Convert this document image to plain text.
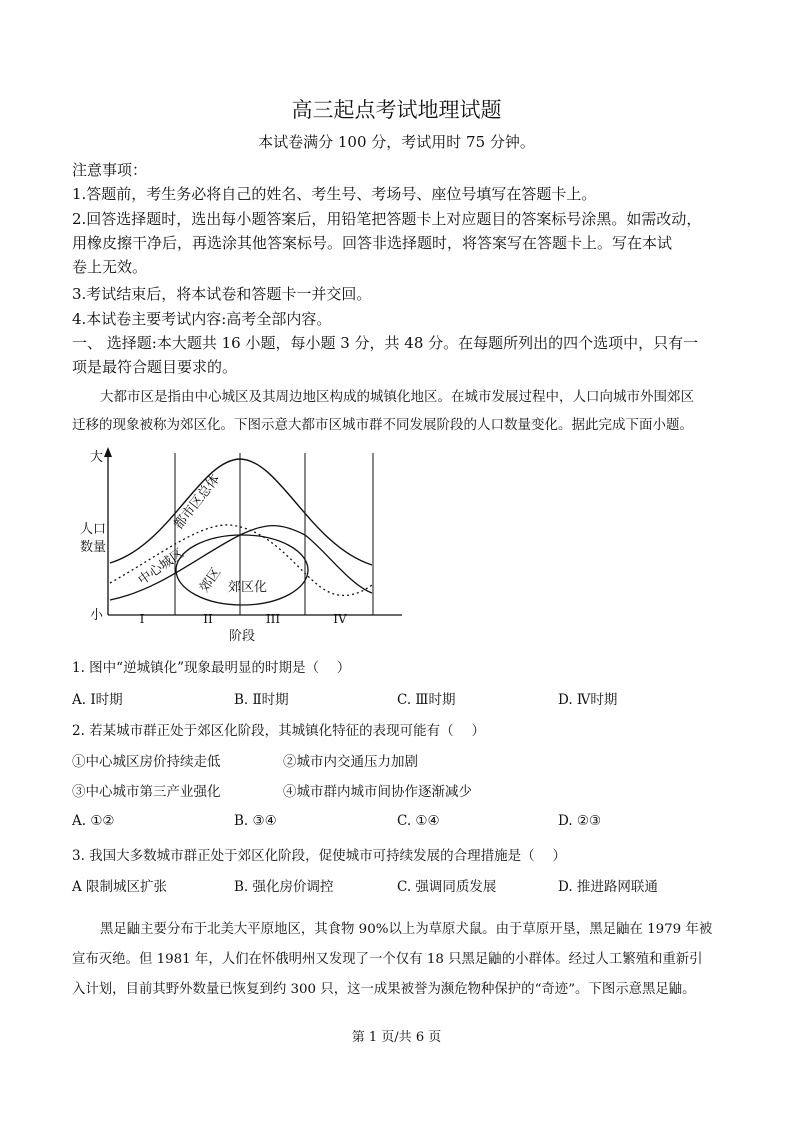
高三起点考试地理试题
本试卷满分 100 分，考试用时 75 分钟。
注意事项：
1.答题前，考生务必将自己的姓名、考生号、考场号、座位号填写在答题卡上。
2.回答选择题时，选出每小题答案后，用铅笔把答题卡上对应题目的答案标号涂黑。如需改动，
用橡皮擦干净后，再选涂其他答案标号。回答非选择题时，将答案写在答题卡上。写在本试
卷上无效。
3.考试结束后，将本试卷和答题卡一并交回。
4.本试卷主要考试内容:高考全部内容。
一、 选择题:本大题共 16 小题，每小题 3 分，共 48 分。在每题所列出的四个选项中，只有一
项是最符合题目要求的。
大都市区是指由中心城区及其周边地区构成的城镇化地区。在城市发展过程中，人口向城市外围郊区
迁移的现象被称为郊区化。下图示意大都市区城市群不同发展阶段的人口数量变化。据此完成下面小题。
大
人口
数量
小	I	II	III	IV
阶段
都市区总体
中心城区 郊区 郊区化
1. 图中“逆城镇化”现象最明显的时期是（　 ）
A. Ⅰ时期	B. Ⅱ时期	C. Ⅲ时期	D. Ⅳ时期
2. 若某城市群正处于郊区化阶段，其城镇化特征的表现可能有（　 ）
①中心城区房价持续走低	②城市内交通压力加剧
③中心城市第三产业强化	④城市群内城市间协作逐渐减少
A. ①②	B. ③④	C. ①④	D. ②③
3. 我国大多数城市群正处于郊区化阶段，促使城市可持续发展的合理措施是（　 ）
A 限制城区扩张	B. 强化房价调控	C. 强调同质发展	D. 推进路网联通
黑足鼬主要分布于北美大平原地区，其食物 90%以上为草原犬鼠。由于草原开垦，黑足鼬在 1979 年被
宣布灭绝。但 1981 年，人们在怀俄明州又发现了一个仅有 18 只黑足鼬的小群体。经过人工繁殖和重新引
入计划，目前其野外数量已恢复到约 300 只，这一成果被誉为濒危物种保护的“奇迹”。下图示意黑足鼬。
第 1 页/共 6 页
